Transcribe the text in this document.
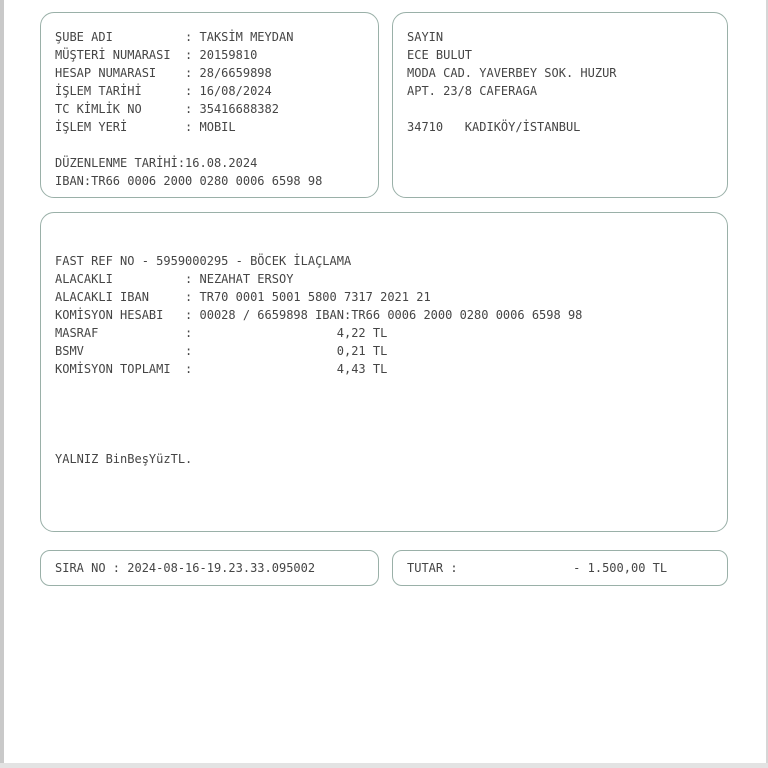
ŞUBE ADI          : TAKSİM MEYDAN
MÜŞTERİ NUMARASI  : 20159810
HESAP NUMARASI    : 28/6659898
İŞLEM TARİHİ      : 16/08/2024
TC KİMLİK NO      : 35416688382
İŞLEM YERİ        : MOBIL

DÜZENLENME TARİHİ:16.08.2024
IBAN:TR66 0006 2000 0280 0006 6598 98
SAYIN
ECE BULUT
MODA CAD. YAVERBEY SOK. HUZUR
APT. 23/8 CAFERAGA

34710   KADIKÖY/İSTANBUL
FAST REF NO - 5959000295 - BÖCEK İLAÇLAMA
ALACAKLI          : NEZAHAT ERSOY
ALACAKLI IBAN     : TR70 0001 5001 5800 7317 2021 21
KOMİSYON HESABI   : 00028 / 6659898 IBAN:TR66 0006 2000 0280 0006 6598 98
MASRAF            :                    4,22 TL
BSMV              :                    0,21 TL
KOMİSYON TOPLAMI  :                    4,43 TL

YALNIZ BinBeşYüzTL.
SIRA NO : 2024-08-16-19.23.33.095002	TUTAR :                - 1.500,00 TL
